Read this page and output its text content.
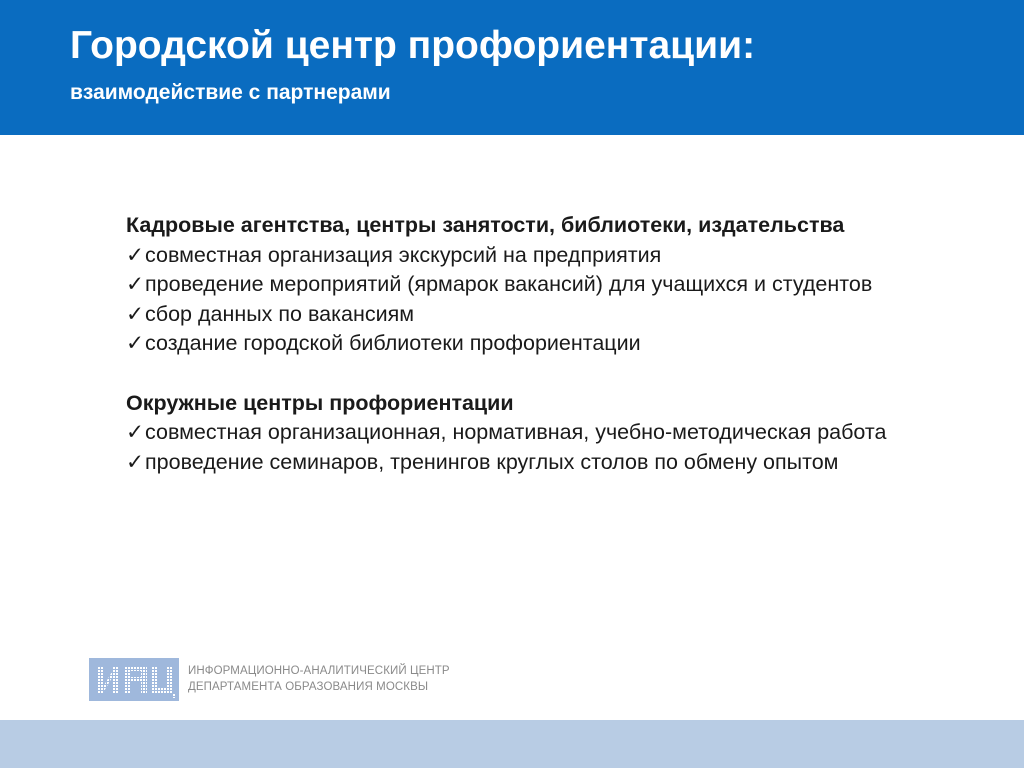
Городской центр профориентации:
взаимодействие с партнерами

Кадровые агентства, центры занятости, библиотеки, издательства

✓совместная организация экскурсий на предприятия

✓проведение мероприятий (ярмарок вакансий) для учащихся и студентов

✓сбор данных по вакансиям

✓создание городской библиотеки профориентации

Окружные центры профориентации

✓совместная организационная, нормативная, учебно-методическая работа

✓проведение семинаров, тренингов круглых столов по обмену опытом

ИНФОРМАЦИОННО-АНАЛИТИЧЕСКИЙ ЦЕНТР
ДЕПАРТАМЕНТА ОБРАЗОВАНИЯ МОСКВЫ
